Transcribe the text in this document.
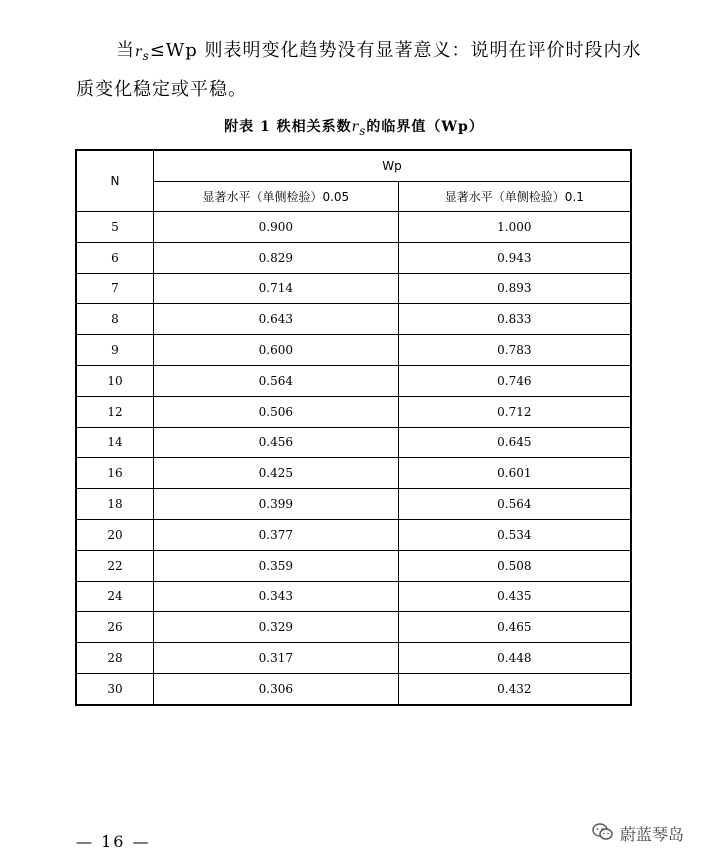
当$r_s\le Wp$ 则表明变化趋势没有显著意义：说明在评价时段内水质变化稳定或平稳。
附表 1 秩相关系数$r_s$的临界值（Wp）
N	Wp	
	显著水平（单侧检验）0.05	显著水平（单侧检验）0.1
5	0.900	1.000
6	0.829	0.943
7	0.714	0.893
8	0.643	0.833
9	0.600	0.783
10	0.564	0.746
12	0.506	0.712
14	0.456	0.645
16	0.425	0.601
18	0.399	0.564
20	0.377	0.534
22	0.359	0.508
24	0.343	0.435
26	0.329	0.465
28	0.317	0.448
30	0.306	0.432
— 16 —	蔚蓝琴岛
